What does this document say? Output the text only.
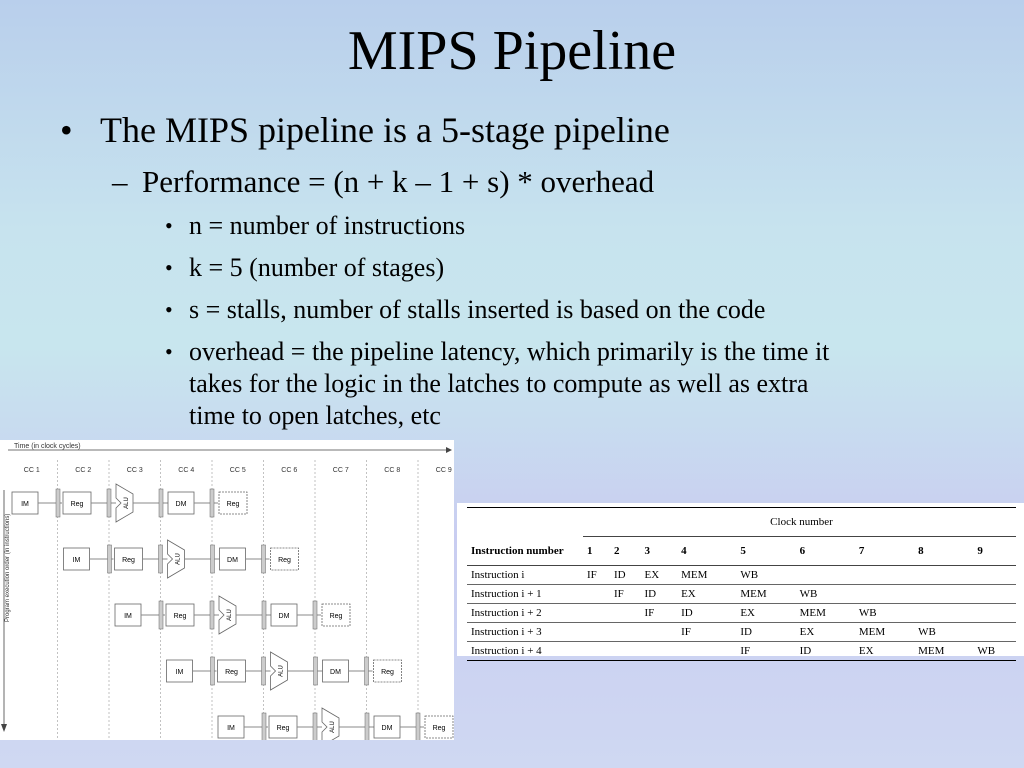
MIPS Pipeline
• The MIPS pipeline is a 5-stage pipeline
– Performance = (n + k – 1 + s) * overhead
• n = number of instructions
• k = 5 (number of stages)
• s = stalls, number of stalls inserted is based on the code
• overhead = the pipeline latency, which primarily is the time it
takes for the logic in the latches to compute as well as extra
time to open latches, etc
Time (in clock cycles)
CC 1	CC 2	CC 3	CC 4	CC 5	CC 6	CC 7	CC 8	CC 9
Program execution order (in instructions)
IM	Reg	ALU	DM	Reg
IM	Reg	ALU	DM	Reg
IM	Reg	ALU	DM	Reg
IM	Reg	ALU	DM	Reg
IM	Reg	ALU	DM	Reg
	Clock number								
Instruction number	1	2	3	4	5	6	7	8	9
Instruction i	IF	ID	EX	MEM	WB				
Instruction i + 1		IF	ID	EX	MEM	WB			
Instruction i + 2			IF	ID	EX	MEM	WB		
Instruction i + 3				IF	ID	EX	MEM	WB	
Instruction i + 4					IF	ID	EX	MEM	WB
